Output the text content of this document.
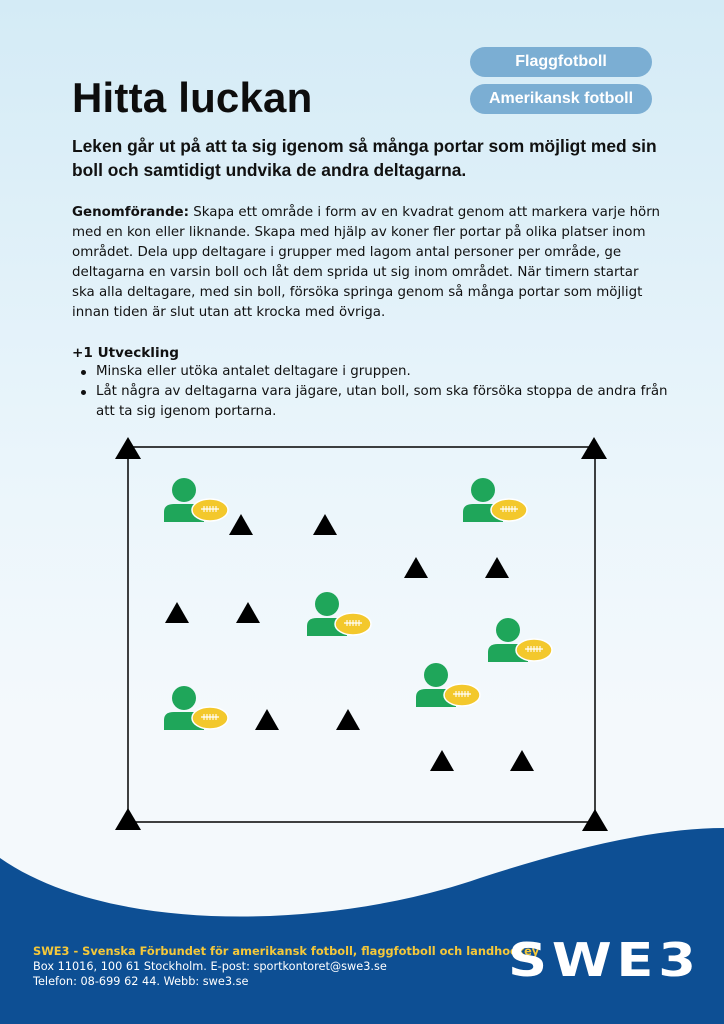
Flaggfotboll
Amerikansk fotboll
Hitta luckan

Leken går ut på att ta sig igenom så många portar som möjligt med sin boll och samtidigt undvika de andra deltagarna.

Genomförande: Skapa ett område i form av en kvadrat genom att markera varje hörn med en kon eller liknande. Skapa med hjälp av koner fler portar på olika platser inom området. Dela upp deltagare i grupper med lagom antal personer per område, ge deltagarna en varsin boll och låt dem sprida ut sig inom området. När timern startar ska alla deltagare, med sin boll, försöka springa genom så många portar som möjligt innan tiden är slut utan att krocka med övriga.

+1 Utveckling
Minska eller utöka antalet deltagare i gruppen.
Låt några av deltagarna vara jägare, utan boll, som ska försöka stoppa de andra från att ta sig igenom portarna.
SWE3 - Svenska Förbundet för amerikansk fotboll, flaggfotboll och landhockey
Box 11016, 100 61 Stockholm. E-post: sportkontoret@swe3.se
Telefon: 08-699 62 44. Webb: swe3.se	SWE3
